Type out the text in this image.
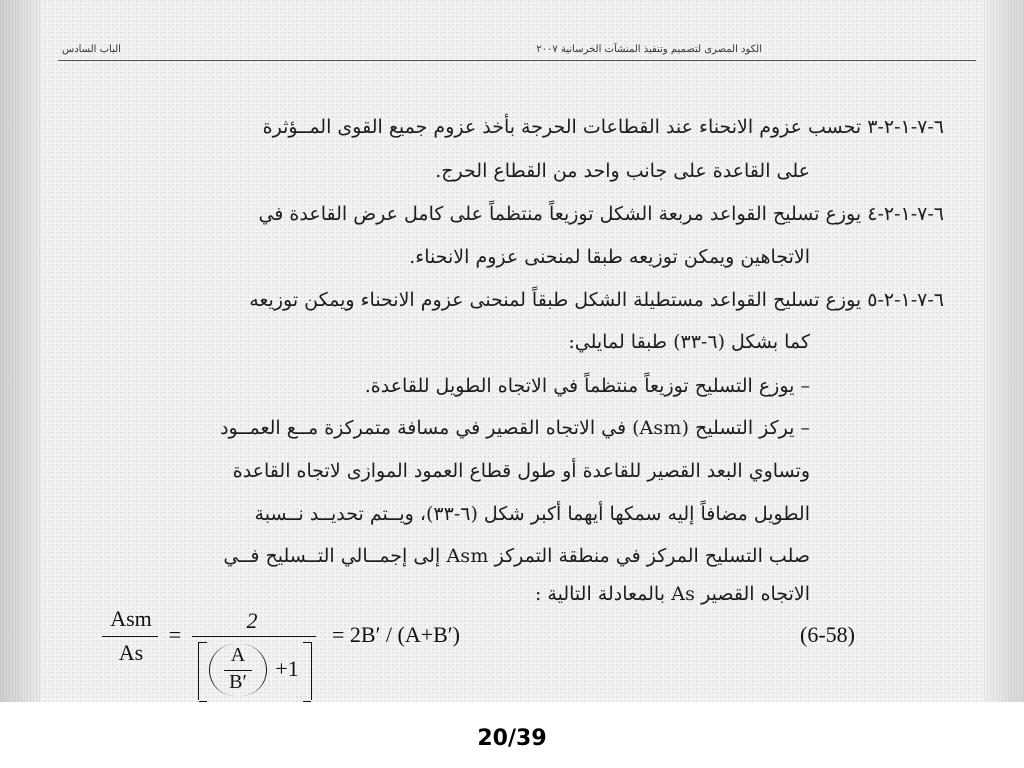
الكود المصرى لتصميم وتنفيذ المنشآت الخرسانية ٢٠٠٧
الباب السادس
٦-٧-١-٢-٣ تحسب عزوم الانحناء عند القطاعات الحرجة بأخذ عزوم جميع القوى المــؤثرة
على القاعدة على جانب واحد من القطاع الحرج.
٦-٧-١-٢-٤ يوزع تسليح القواعد مربعة الشكل توزيعاً منتظماً على كامل عرض القاعدة في
الاتجاهين ويمكن توزيعه طبقا لمنحنى عزوم الانحناء.
٦-٧-١-٢-٥ يوزع تسليح القواعد مستطيلة الشكل طبقاً لمنحنى عزوم الانحناء ويمكن توزيعه
كما بشكل (٦-٣٣) طبقا لمايلي:
– يوزع التسليح توزيعاً منتظماً في الاتجاه الطويل للقاعدة.
– يركز التسليح (Asm) في الاتجاه القصير في مسافة متمركزة مــع العمــود
وتساوي البعد القصير للقاعدة أو طول قطاع العمود الموازى لاتجاه القاعدة
الطويل مضافاً إليه سمكها أيهما أكبر شكل (٦-٣٣)، ويــتم تحديــد نــسبة
صلب التسليح المركز في منطقة التمركز Asm إلى إجمــالي التــسليح فــي
الاتجاه القصير As بالمعادلة التالية :
Asm
As
=
2
A
B′
+1
= 2B′ / (A+B′)	(6-58)
20/39
